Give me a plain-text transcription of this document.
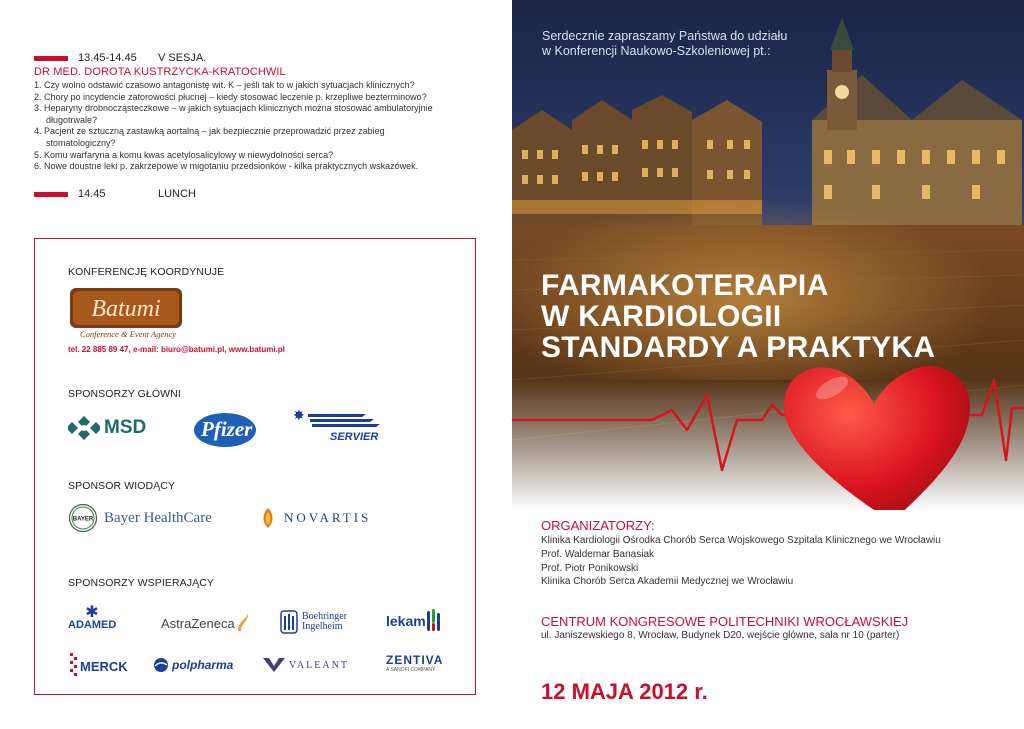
13.45-14.45	V SESJA.
DR MED. DOROTA KUSTRZYCKA-KRATOCHWIL
1. Czy wolno odstawić czasowo antagonistę wit. K – jeśli tak to w jakich sytuacjach klinicznych?
2. Chory po incydencie zatorowości płucnej – kiedy stosować leczenie p. krzepliwe bezterminowo?
3. Heparyny drobnocząsteczkowe – w jakich sytuacjach klinicznych można stosować ambulatoryjnie
długotrwale?
4. Pacjent ze sztuczną zastawką aortalną – jak bezpiecznie przeprowadzić przez zabieg
stomatologiczny?
5. Komu warfaryna a komu kwas acetylosalicylowy w niewydolności serca?
6. Nowe doustne leki p. zakrzepowe w migotaniu przedsionków - kilka praktycznych wskazówek.
14.45	LUNCH
KONFERENCJĘ KOORDYNUJE
Batumi
Conference & Event Agency
tel. 22 885 89 47, e-mail: biuro@batumi.pl, www.batumi.pl
SPONSORZY GŁÓWNI
MSD	Pfizer
✸
SERVIER
SPONSOR WIODĄCY
BAYER Bayer HealthCare	NOVARTIS
SPONSORZY WSPIERAJĄCY
✱
ADAMED	AstraZeneca	Boehringer
Ingelheim	lekam
MERCK	polpharma	VALEANT	ZENTIVA
A SANOFI COMPANY
Serdecznie zapraszamy Państwa do udziału
w Konferencji Naukowo-Szkoleniowej pt.:
FARMAKOTERAPIA
W KARDIOLOGII
STANDARDY A PRAKTYKA
ORGANIZATORZY:
Klinika Kardiologii Ośrodka Chorób Serca Wojskowego Szpitala Klinicznego we Wrocławiu
Prof. Waldemar Banasiak
Prof. Piotr Ponikowski
Klinika Chorób Serca Akademii Medycznej we Wrocławiu
CENTRUM KONGRESOWE POLITECHNIKI WROCŁAWSKIEJ
ul. Janiszewskiego 8, Wrocław, Budynek D20, wejście główne, sala nr 10 (parter)
12 MAJA 2012 r.
